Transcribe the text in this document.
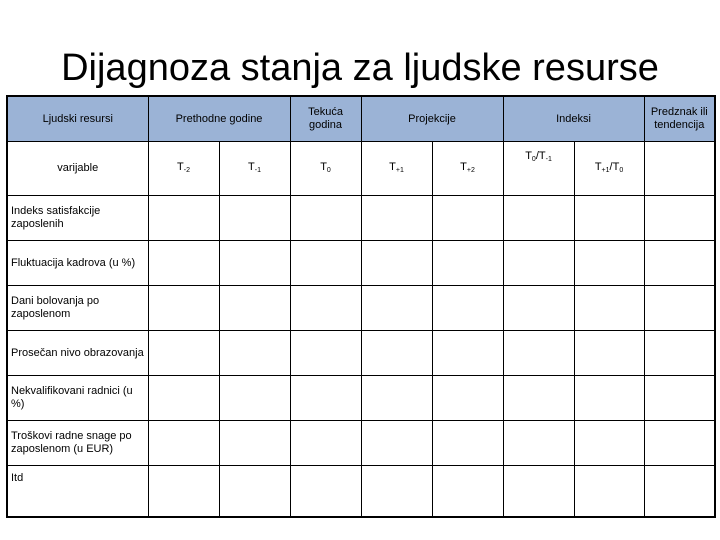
Dijagnoza stanja za ljudske resurse
Ljudski resursi	Prethodne godine		Tekuća godina	Projekcije		Indeksi		Predznak ili tendencija
varijable	$T_{-2}$	$T_{-1}$	$T_0$	$T_{+1}$	$T_{+2}$	$T_0/T_{-1}$	$T_{+1}/T_0$	
Indeks satisfakcije zaposlenih								
Fluktuacija kadrova (u %)								
Dani bolovanja po zaposlenom								
Prosečan nivo obrazovanja								
Nekvalifikovani radnici (u %)								
Troškovi radne snage po zaposlenom (u EUR)								
Itd								
